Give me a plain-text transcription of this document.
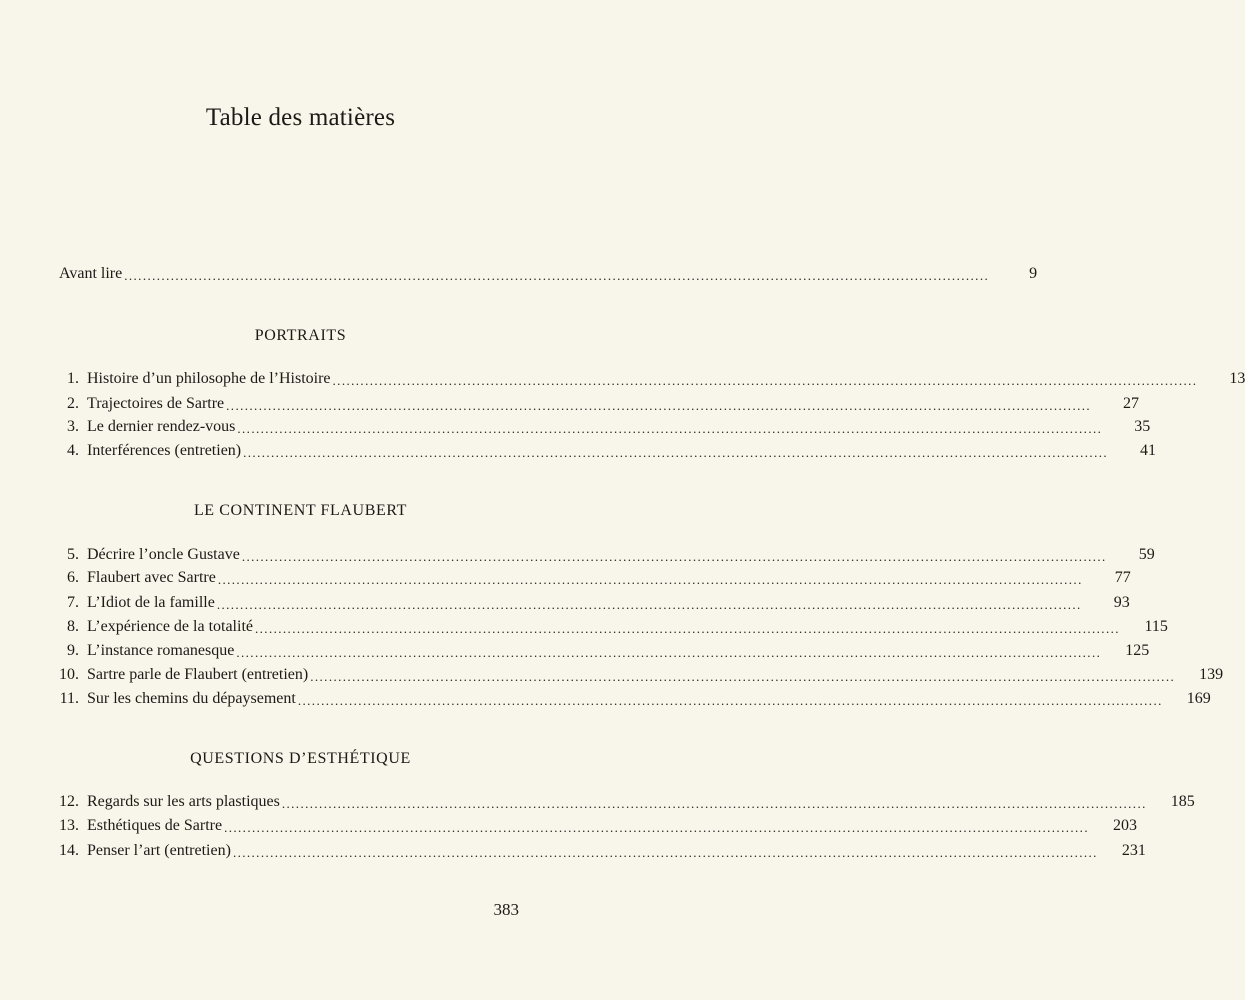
Table des matières
Avant lire ..........................................................................................................................................................................................	9
PORTRAITS
1. Histoire d’un philosophe de l’Histoire ..........................................................................................................................................................................................	13
2. Trajectoires de Sartre ..........................................................................................................................................................................................	27
3. Le dernier rendez-vous ..........................................................................................................................................................................................	35
4. Interférences (entretien) ..........................................................................................................................................................................................	41
LE CONTINENT FLAUBERT
5. Décrire l’oncle Gustave ..........................................................................................................................................................................................	59
6. Flaubert avec Sartre ..........................................................................................................................................................................................	77
7. L’Idiot de la famille ..........................................................................................................................................................................................	93
8. L’expérience de la totalité ..........................................................................................................................................................................................	115
9. L’instance romanesque ..........................................................................................................................................................................................	125
10. Sartre parle de Flaubert (entretien) ..........................................................................................................................................................................................	139
11. Sur les chemins du dépaysement ..........................................................................................................................................................................................	169
QUESTIONS D’ESTHÉTIQUE
12. Regards sur les arts plastiques ..........................................................................................................................................................................................	185
13. Esthétiques de Sartre ..........................................................................................................................................................................................	203
14. Penser l’art (entretien) ..........................................................................................................................................................................................	231
383
